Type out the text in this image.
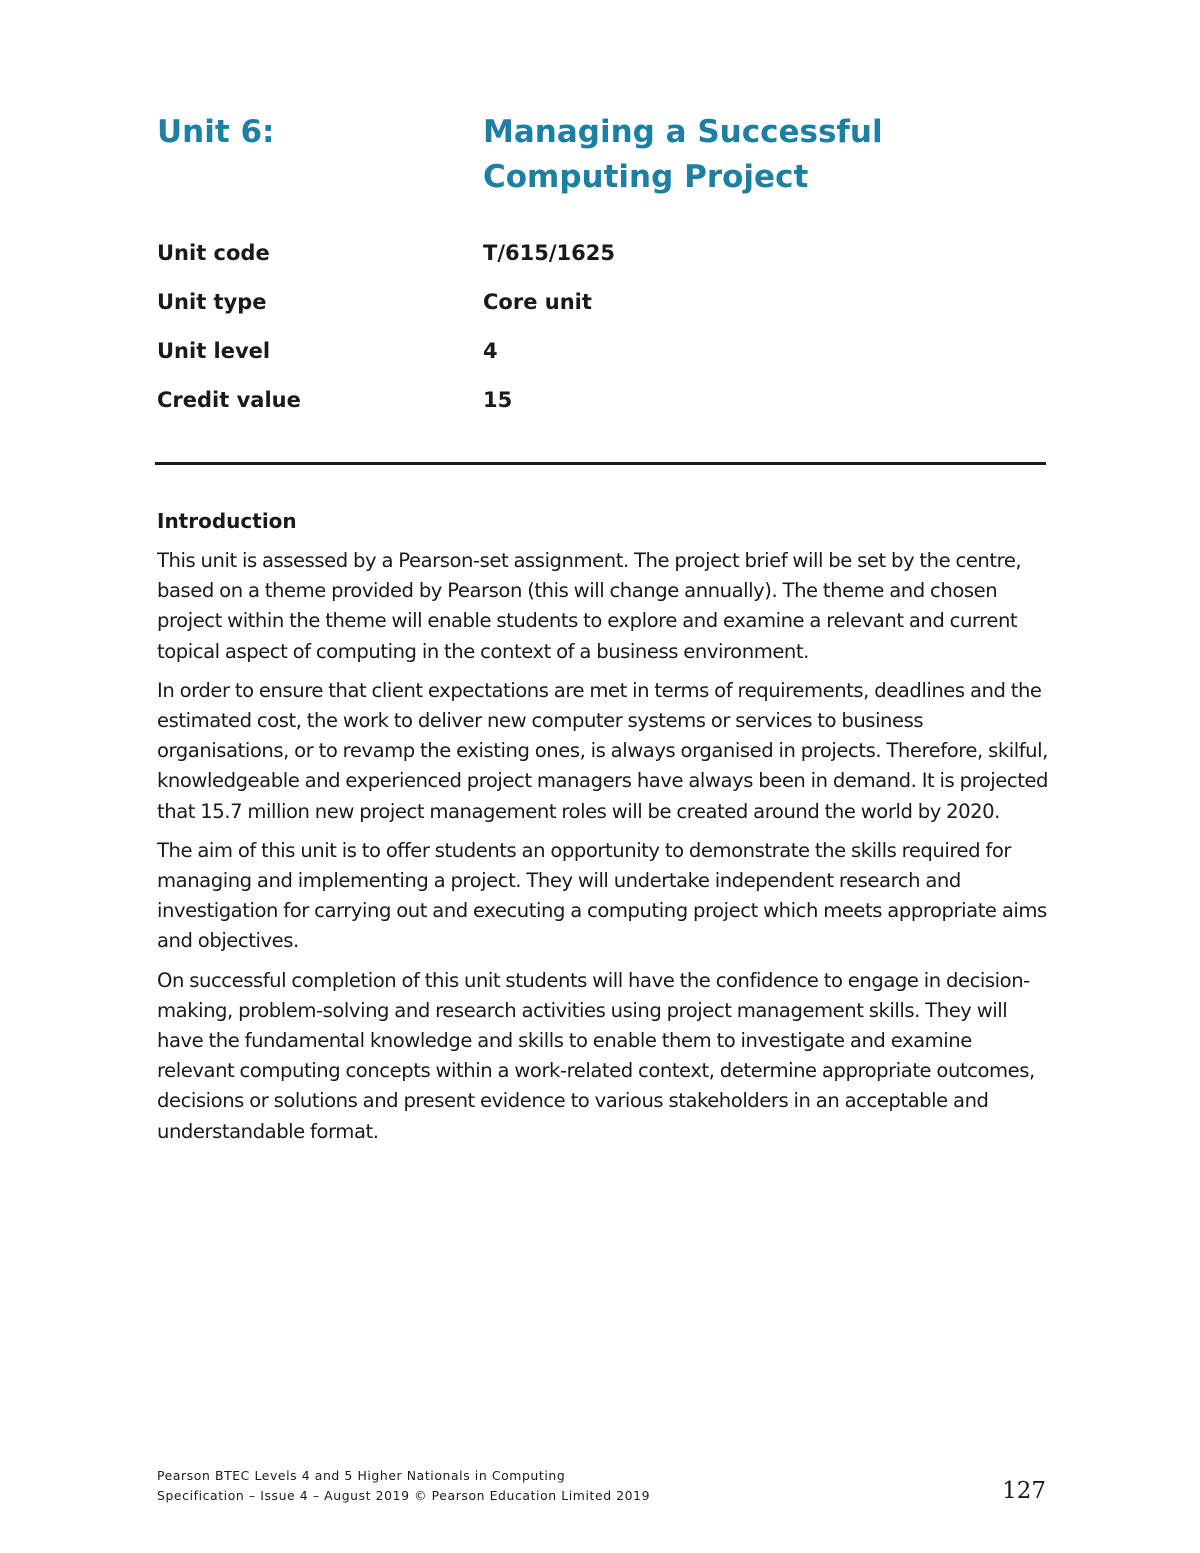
Unit 6:	Managing a Successful
Computing Project
Unit code	T/615/1625
Unit type	Core unit
Unit level	4
Credit value	15
Introduction

This unit is assessed by a Pearson-set assignment. The project brief will be set by the centre, based on a theme provided by Pearson (this will change annually). The theme and chosen project within the theme will enable students to explore and examine a relevant and current topical aspect of computing in the context of a business environment.

In order to ensure that client expectations are met in terms of requirements, deadlines and the estimated cost, the work to deliver new computer systems or services to business organisations, or to revamp the existing ones, is always organised in projects. Therefore, skilful, knowledgeable and experienced project managers have always been in demand. It is projected that 15.7 million new project management roles will be created around the world by 2020.

The aim of this unit is to offer students an opportunity to demonstrate the skills required for managing and implementing a project. They will undertake independent research and investigation for carrying out and executing a computing project which meets appropriate aims and objectives.

On successful completion of this unit students will have the confidence to engage in decision-making, problem-solving and research activities using project management skills. They will have the fundamental knowledge and skills to enable them to investigate and examine relevant computing concepts within a work-related context, determine appropriate outcomes, decisions or solutions and present evidence to various stakeholders in an acceptable and understandable format.

Pearson BTEC Levels 4 and 5 Higher Nationals in Computing
Specification – Issue 4 – August 2019 © Pearson Education Limited 2019	127
